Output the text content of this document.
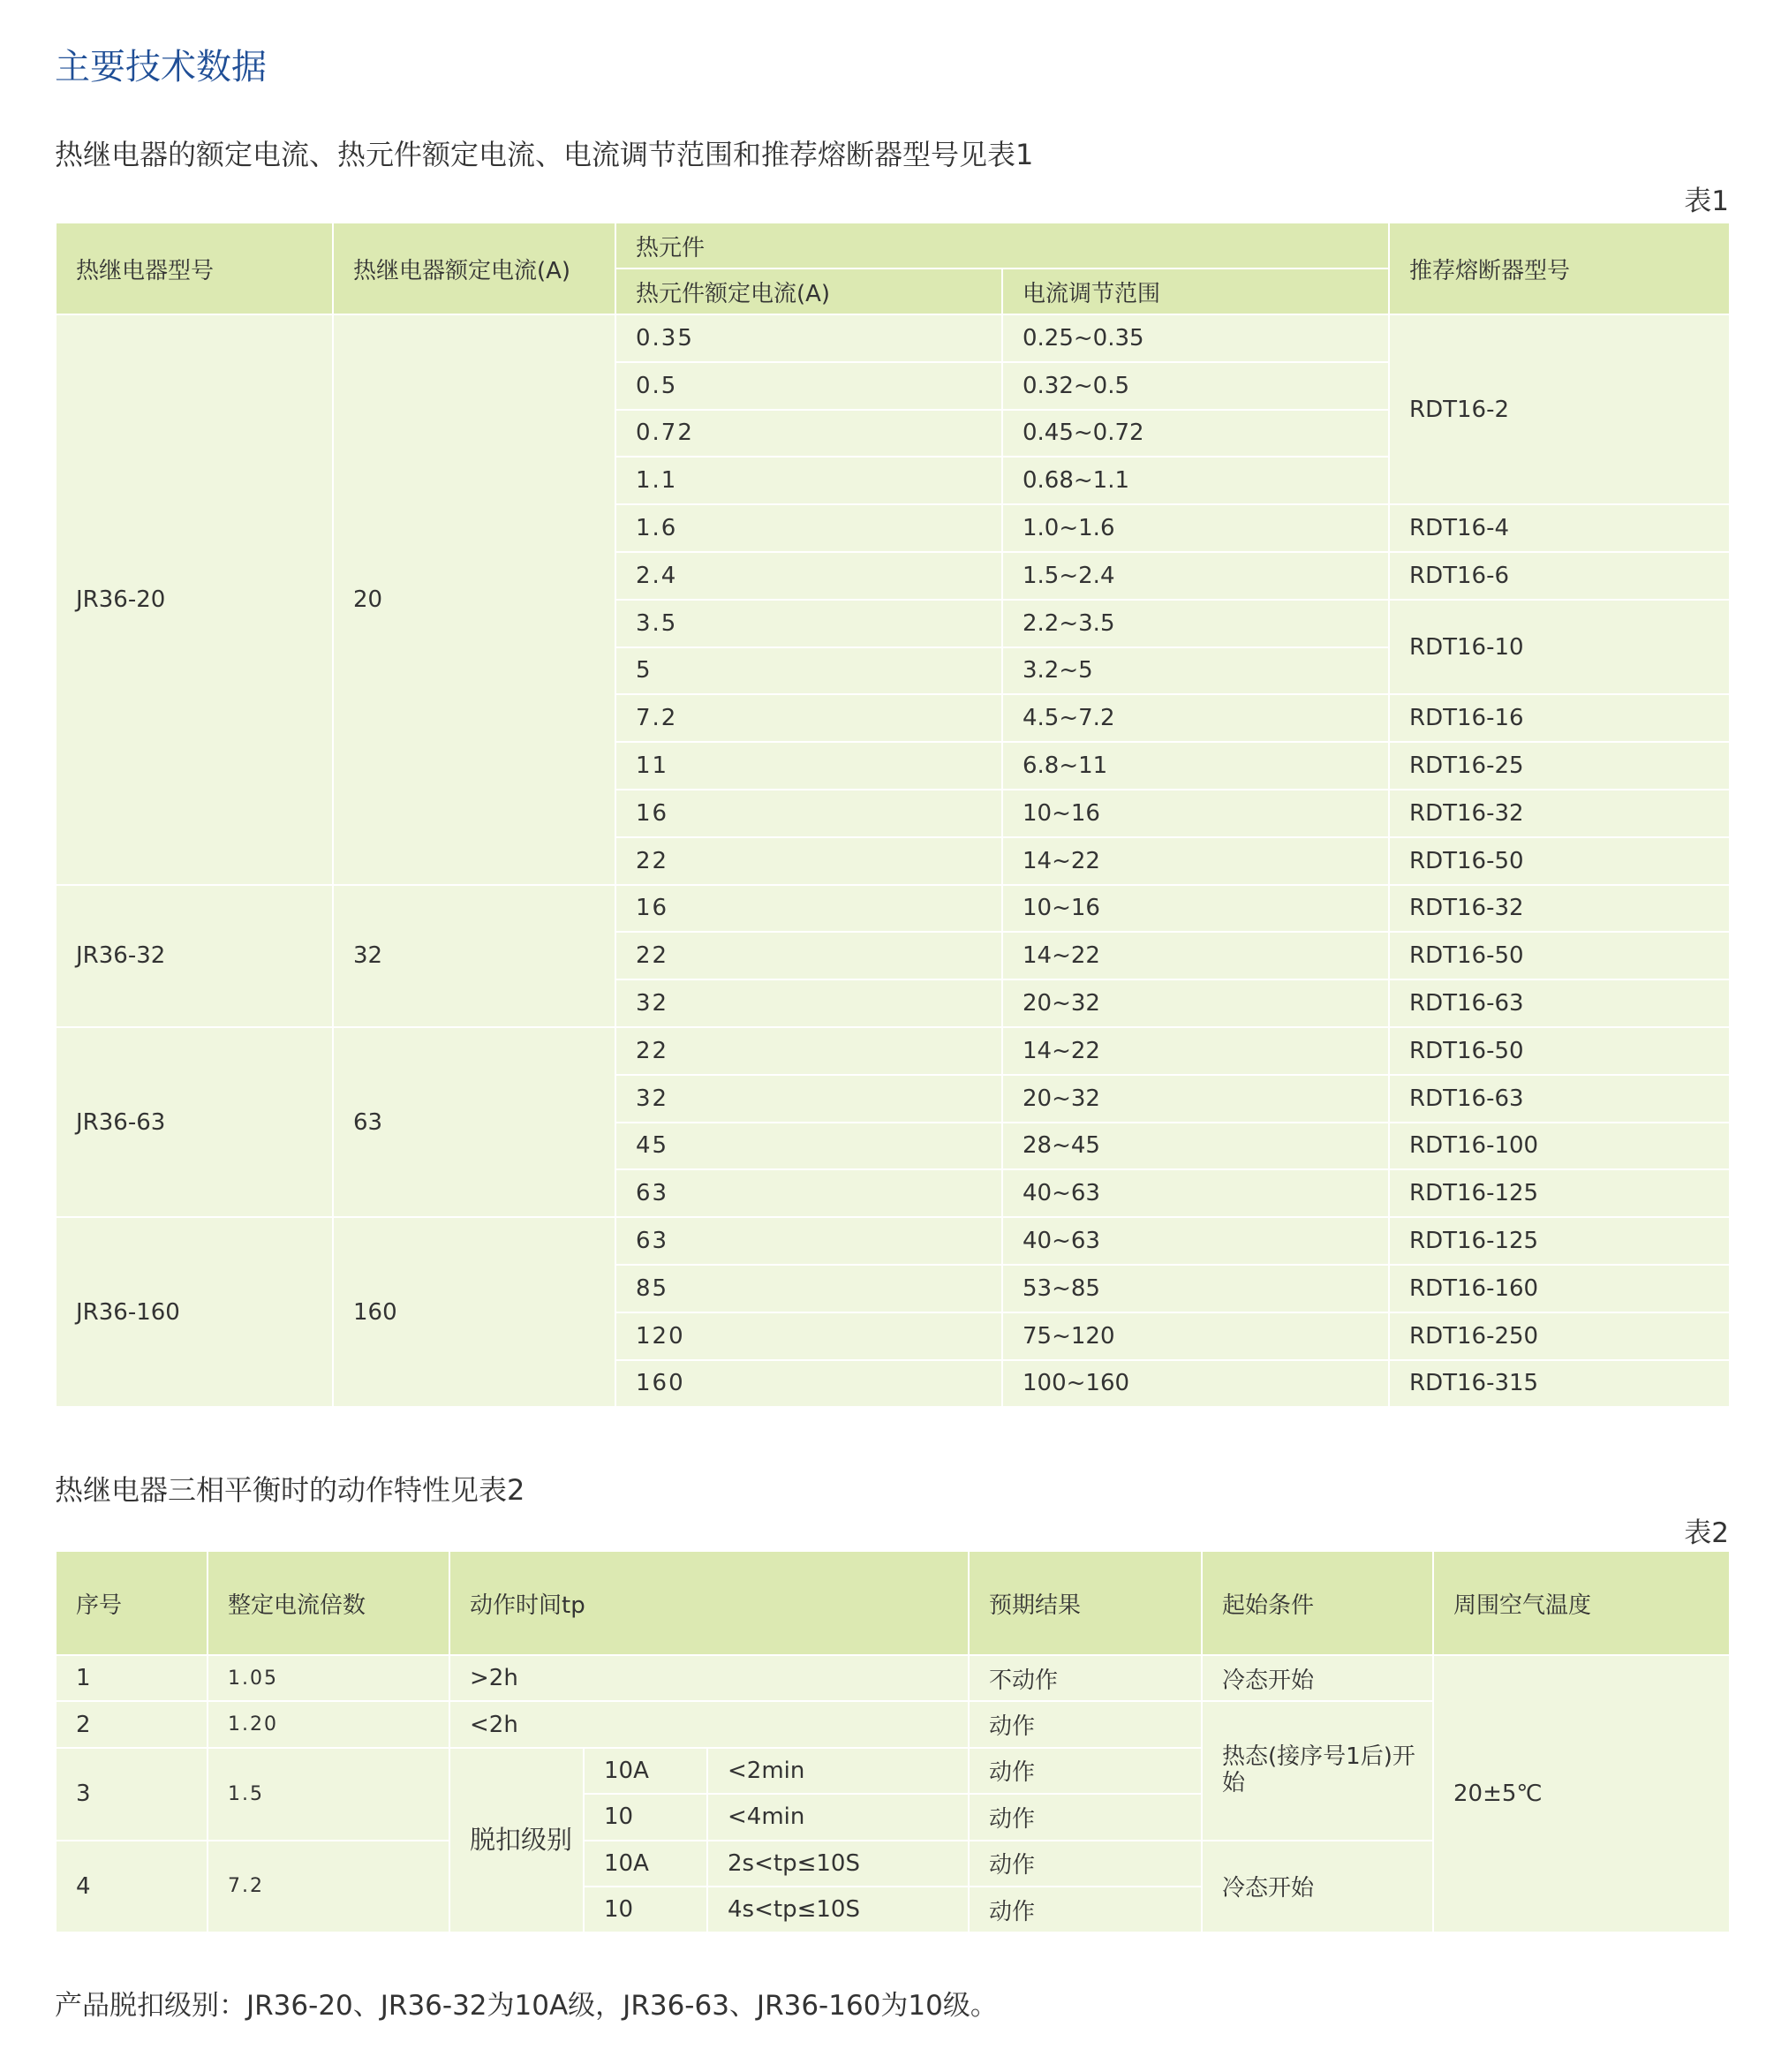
主要技术数据
热继电器的额定电流、热元件额定电流、电流调节范围和推荐熔断器型号见表1
表1
热继电器型号	热继电器额定电流(A)	热元件		推荐熔断器型号
		热元件额定电流(A)	电流调节范围	
JR36-20	20	0.35	0.25~0.35	RDT16-2
		0.5	0.32~0.5	
		0.72	0.45~0.72	
		1.1	0.68~1.1	
		1.6	1.0~1.6	RDT16-4
		2.4	1.5~2.4	RDT16-6
		3.5	2.2~3.5	RDT16-10
		5	3.2~5	
		7.2	4.5~7.2	RDT16-16
		11	6.8~11	RDT16-25
		16	10~16	RDT16-32
		22	14~22	RDT16-50
JR36-32	32	16	10~16	RDT16-32
		22	14~22	RDT16-50
		32	20~32	RDT16-63
JR36-63	63	22	14~22	RDT16-50
		32	20~32	RDT16-63
		45	28~45	RDT16-100
		63	40~63	RDT16-125
JR36-160	160	63	40~63	RDT16-125
		85	53~85	RDT16-160
		120	75~120	RDT16-250
		160	100~160	RDT16-315
热继电器三相平衡时的动作特性见表2
表2
序号	整定电流倍数	动作时间tp			预期结果	起始条件	周围空气温度
1	1.05	>2h			不动作	冷态开始	20±5℃
2	1.20	<2h			动作	热态(接序号1后)开始	
3	1.5	脱扣级别	10A	<2min	动作		
			10	<4min	动作		
4	7.2		10A	2s<tp≤10S	动作	冷态开始	
			10	4s<tp≤10S	动作		
产品脱扣级别：JR36-20、JR36-32为10A级，JR36-63、JR36-160为10级。
